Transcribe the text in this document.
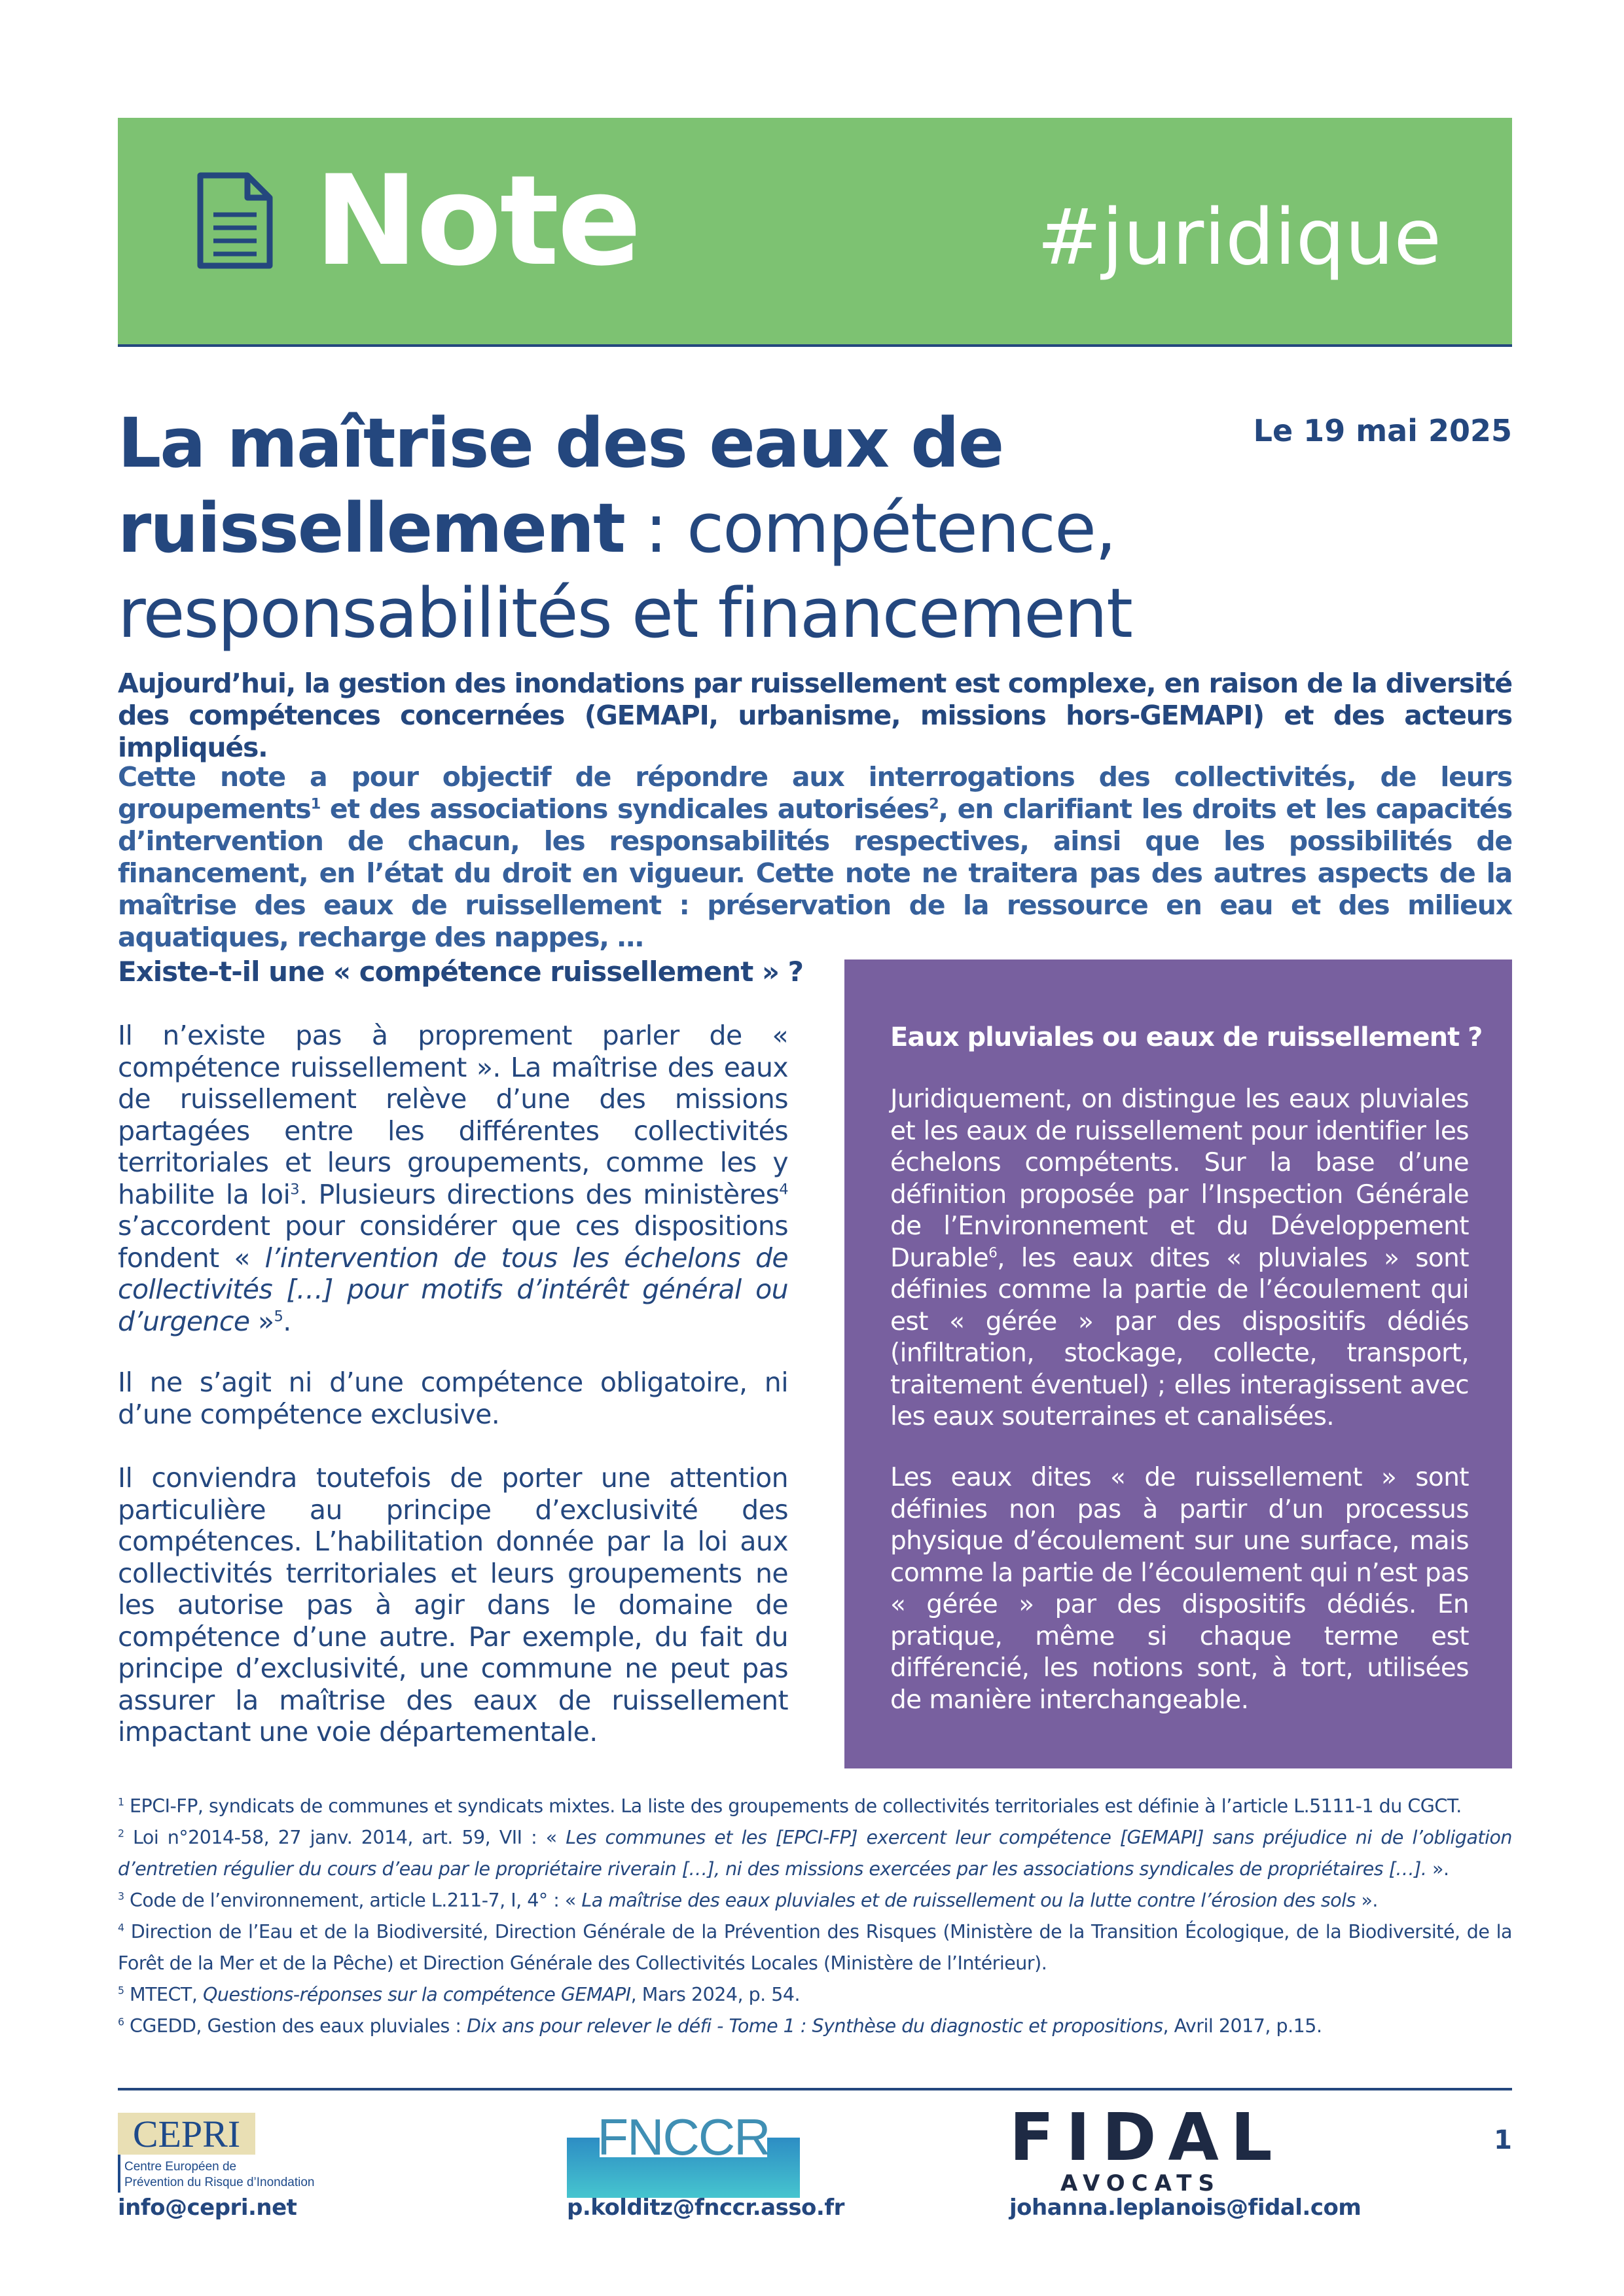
Note	#juridique
La maîtrise des eaux de ruissellement : compétence, responsabilités et financement
Le 19 mai 2025
Aujourd’hui, la gestion des inondations par ruissellement est complexe, en raison de la diversité des compétences concernées (GEMAPI, urbanisme, missions hors-GEMAPI) et des acteurs impliqués.
Cette note a pour objectif de répondre aux interrogations des collectivités, de leurs groupements$^1$ et des associations syndicales autorisées$^2$, en clarifiant les droits et les capacités d’intervention de chacun, les responsabilités respectives, ainsi que les possibilités de financement, en l’état du droit en vigueur. Cette note ne traitera pas des autres aspects de la maîtrise des eaux de ruissellement : préservation de la ressource en eau et des milieux aquatiques, recharge des nappes, …
Existe-t-il une « compétence ruissellement » ?
Il n’existe pas à proprement parler de « compétence ruissellement ». La maîtrise des eaux de ruissellement relève d’une des missions partagées entre les différentes collectivités territoriales et leurs groupements, comme les y habilite la loi$^3$. Plusieurs directions des ministères$^4$ s’accordent pour considérer que ces dispositions fondent « l’intervention de tous les échelons de collectivités […] pour motifs d’intérêt général ou d’urgence »$^5$.
Il ne s’agit ni d’une compétence obligatoire, ni d’une compétence exclusive.
Il conviendra toutefois de porter une attention particulière au principe d’exclusivité des compétences. L’habilitation donnée par la loi aux collectivités territoriales et leurs groupements ne les autorise pas à agir dans le domaine de compétence d’une autre. Par exemple, du fait du principe d’exclusivité, une commune ne peut pas assurer la maîtrise des eaux de ruissellement impactant une voie départementale.
Eaux pluviales ou eaux de ruissellement ?
Juridiquement, on distingue les eaux pluviales et les eaux de ruissellement pour identifier les échelons compétents. Sur la base d’une définition proposée par l’Inspection Générale de l’Environnement et du Développement Durable$^6$, les eaux dites « pluviales » sont définies comme la partie de l’écoulement qui est « gérée » par des dispositifs dédiés (infiltration, stockage, collecte, transport, traitement éventuel) ; elles interagissent avec les eaux souterraines et canalisées.
Les eaux dites « de ruissellement » sont définies non pas à partir d’un processus physique d’écoulement sur une surface, mais comme la partie de l’écoulement qui n’est pas « gérée » par des dispositifs dédiés. En pratique, même si chaque terme est différencié, les notions sont, à tort, utilisées de manière interchangeable.
$^1$ EPCI-FP, syndicats de communes et syndicats mixtes. La liste des groupements de collectivités territoriales est définie à l’article L.5111-1 du CGCT.
$^2$ Loi n°2014-58, 27 janv. 2014, art. 59, VII : « Les communes et les [EPCI-FP] exercent leur compétence [GEMAPI] sans préjudice ni de l’obligation d’entretien régulier du cours d’eau par le propriétaire riverain […], ni des missions exercées par les associations syndicales de propriétaires […]. ».
$^3$ Code de l’environnement, article L.211-7, I, 4° : « La maîtrise des eaux pluviales et de ruissellement ou la lutte contre l’érosion des sols ».
$^4$ Direction de l’Eau et de la Biodiversité, Direction Générale de la Prévention des Risques (Ministère de la Transition Écologique, de la Biodiversité, de la Forêt de la Mer et de la Pêche) et Direction Générale des Collectivités Locales (Ministère de l’Intérieur).
$^5$ MTECT, Questions-réponses sur la compétence GEMAPI, Mars 2024, p. 54.
$^6$ CGEDD, Gestion des eaux pluviales : Dix ans pour relever le défi - Tome 1 : Synthèse du diagnostic et propositions, Avril 2017, p.15.
CEPRI
Centre Européen de
Prévention du Risque d’Inondation
FNCCR	FIDAL
AVOCATS
info@cepri.net	p.kolditz@fnccr.asso.fr	johanna.leplanois@fidal.com
1
